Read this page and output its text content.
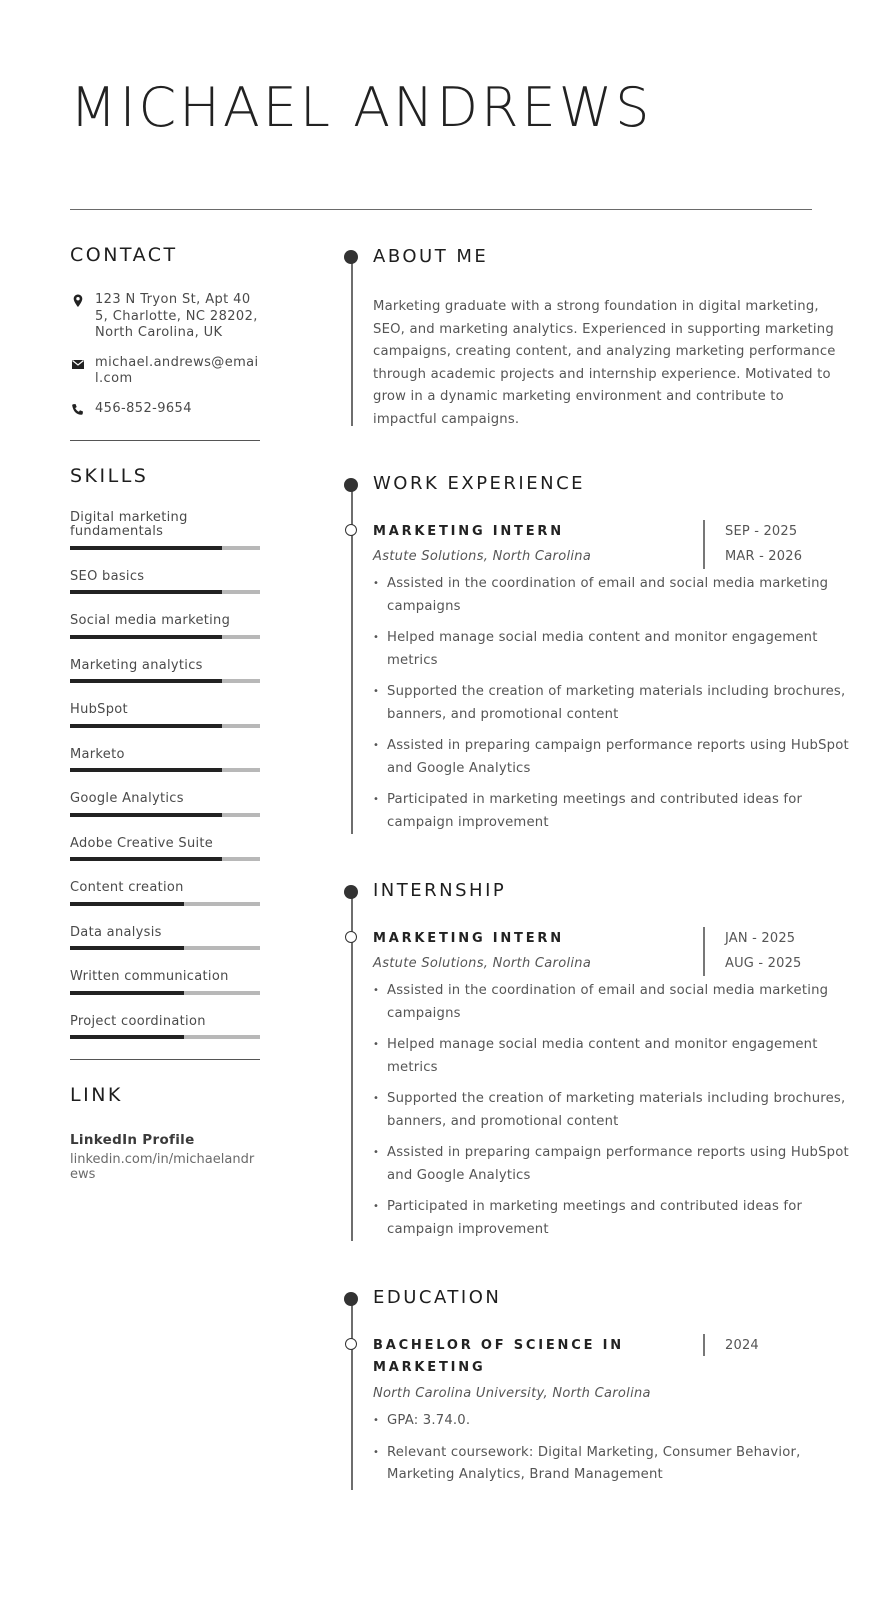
MICHAEL ANDREWS
CONTACT
123 N Tryon St, Apt 405, Charlotte, NC 28202, North Carolina, UK
michael.andrews@email.com
456-852-9654
SKILLS
Digital marketing fundamentals
SEO basics
Social media marketing
Marketing analytics
HubSpot
Marketo
Google Analytics
Adobe Creative Suite
Content creation
Data analysis
Written communication
Project coordination
LINK
LinkedIn Profile
linkedin.com/in/michaelandrews
ABOUT ME
Marketing graduate with a strong foundation in digital marketing, SEO, and marketing analytics. Experienced in supporting marketing campaigns, creating content, and analyzing marketing performance through academic projects and internship experience. Motivated to grow in a dynamic marketing environment and contribute to impactful campaigns.
WORK EXPERIENCE
MARKETING INTERN
Astute Solutions, North Carolina
SEP - 2025
MAR - 2026
• Assisted in the coordination of email and social media marketing campaigns
• Helped manage social media content and monitor engagement metrics
• Supported the creation of marketing materials including brochures, banners, and promotional content
• Assisted in preparing campaign performance reports using HubSpot and Google Analytics
• Participated in marketing meetings and contributed ideas for campaign improvement
INTERNSHIP
MARKETING INTERN
Astute Solutions, North Carolina
JAN - 2025
AUG - 2025
• Assisted in the coordination of email and social media marketing campaigns
• Helped manage social media content and monitor engagement metrics
• Supported the creation of marketing materials including brochures, banners, and promotional content
• Assisted in preparing campaign performance reports using HubSpot and Google Analytics
• Participated in marketing meetings and contributed ideas for campaign improvement
EDUCATION
BACHELOR OF SCIENCE IN
MARKETING
North Carolina University, North Carolina
2024
• GPA: 3.74.0.
• Relevant coursework: Digital Marketing, Consumer Behavior, Marketing Analytics, Brand Management
